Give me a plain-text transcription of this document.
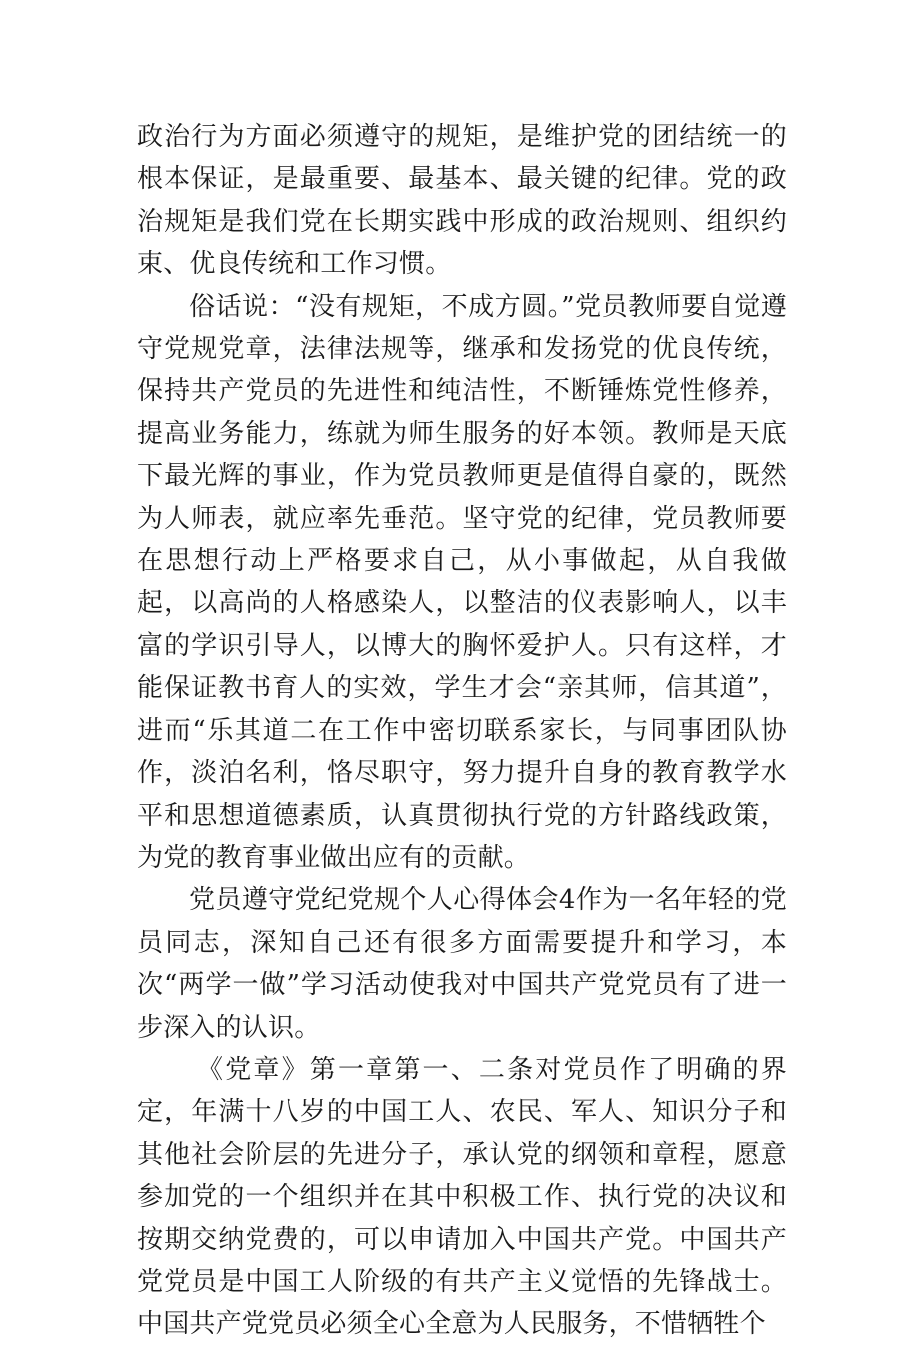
政治行为方面必须遵守的规矩，是维护党的团结统一的根本保证，是最重要、最基本、最关键的纪律。党的政治规矩是我们党在长期实践中形成的政治规则、组织约束、优良传统和工作习惯。

俗话说：“没有规矩，不成方圆。”党员教师要自觉遵守党规党章，法律法规等，继承和发扬党的优良传统，保持共产党员的先进性和纯洁性，不断锤炼党性修养，提高业务能力，练就为师生服务的好本领。教师是天底下最光辉的事业，作为党员教师更是值得自豪的，既然为人师表，就应率先垂范。坚守党的纪律，党员教师要在思想行动上严格要求自己，从小事做起，从自我做起，以高尚的人格感染人，以整洁的仪表影响人，以丰富的学识引导人，以博大的胸怀爱护人。只有这样，才能保证教书育人的实效，学生才会“亲其师，信其道”，进而“乐其道二在工作中密切联系家长，与同事团队协作，淡泊名利，恪尽职守，努力提升自身的教育教学水平和思想道德素质，认真贯彻执行党的方针路线政策，为党的教育事业做出应有的贡献。

党员遵守党纪党规个人心得体会4作为一名年轻的党员同志，深知自己还有很多方面需要提升和学习，本次“两学一做”学习活动使我对中国共产党党员有了进一步深入的认识。

《党章》第一章第一、二条对党员作了明确的界定，年满十八岁的中国工人、农民、军人、知识分子和其他社会阶层的先进分子，承认党的纲领和章程，愿意参加党的一个组织并在其中积极工作、执行党的决议和按期交纳党费的，可以申请加入中国共产党。中国共产党党员是中国工人阶级的有共产主义觉悟的先锋战士。中国共产党党员必须全心全意为人民服务，不惜牺牲个
